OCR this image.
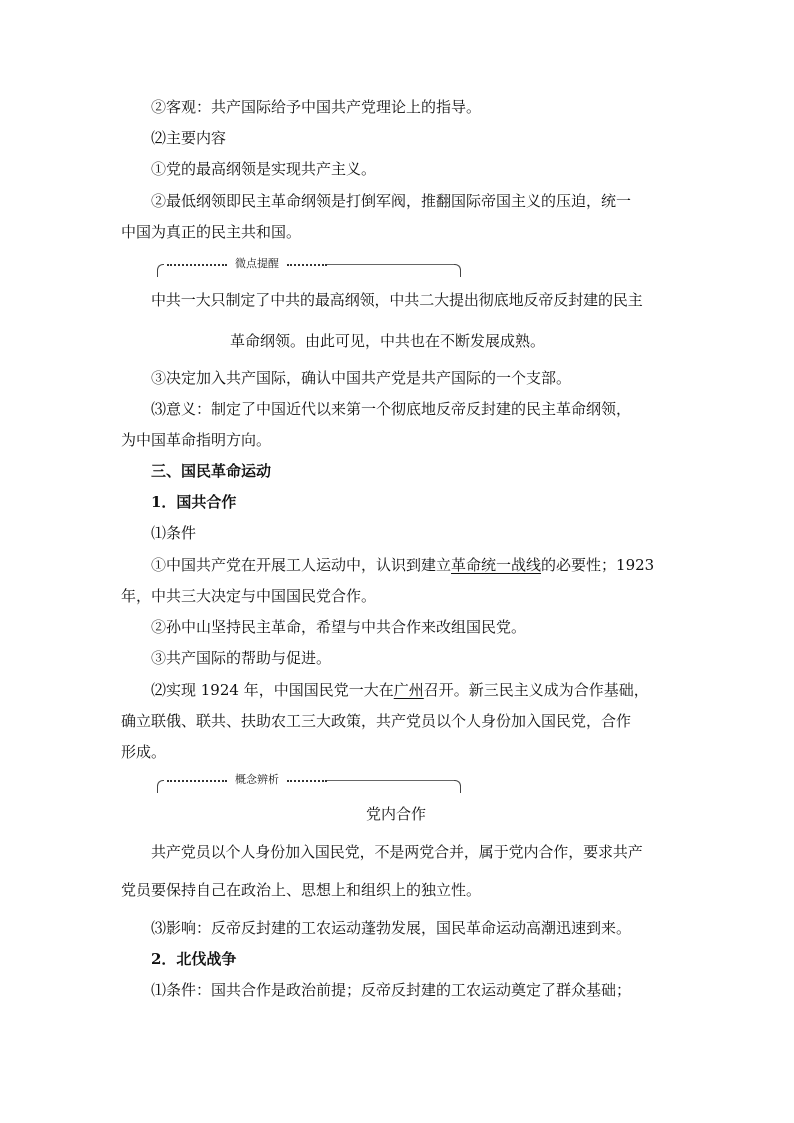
②客观：共产国际给予中国共产党理论上的指导。
⑵主要内容
①党的最高纲领是实现共产主义。
②最低纲领即民主革命纲领是打倒军阀，推翻国际帝国主义的压迫，统一
中国为真正的民主共和国。
微点提醒
中共一大只制定了中共的最高纲领，中共二大提出彻底地反帝反封建的民主
革命纲领。由此可见，中共也在不断发展成熟。
③决定加入共产国际，确认中国共产党是共产国际的一个支部。
⑶意义：制定了中国近代以来第一个彻底地反帝反封建的民主革命纲领，
为中国革命指明方向。
三、国民革命运动
1．国共合作
⑴条件
①中国共产党在开展工人运动中，认识到建立革命统一战线的必要性；1923
年，中共三大决定与中国国民党合作。
②孙中山坚持民主革命，希望与中共合作来改组国民党。
③共产国际的帮助与促进。
⑵实现 1924 年，中国国民党一大在广州召开。新三民主义成为合作基础，
确立联俄、联共、扶助农工三大政策，共产党员以个人身份加入国民党，合作
形成。
概念辨析
党内合作
共产党员以个人身份加入国民党，不是两党合并，属于党内合作，要求共产
党员要保持自己在政治上、思想上和组织上的独立性。
⑶影响：反帝反封建的工农运动蓬勃发展，国民革命运动高潮迅速到来。
2．北伐战争
⑴条件：国共合作是政治前提；反帝反封建的工农运动奠定了群众基础；
